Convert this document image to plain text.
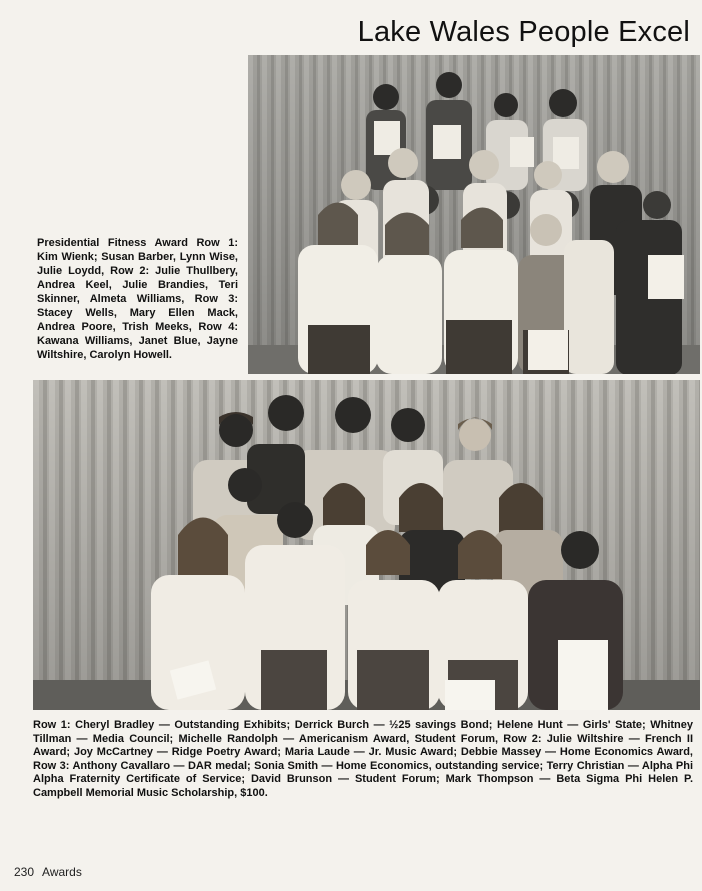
Lake Wales People Excel
Presidential Fitness Award Row 1: Kim Wienk; Susan Barber, Lynn Wise, Julie Loydd, Row 2: Julie Thullbery, Andrea Keel, Julie Brandies, Teri Skinner, Almeta Williams, Row 3: Stacey Wells, Mary Ellen Mack, Andrea Poore, Trish Meeks, Row 4: Kawana Williams, Janet Blue, Jayne Wiltshire, Carolyn Howell.
Row 1: Cheryl Bradley — Outstanding Exhibits; Derrick Burch — ½25 savings Bond; Helene Hunt — Girls' State; Whitney Tillman — Media Council; Michelle Randolph — Americanism Award, Student Forum, Row 2: Julie Wiltshire — French II Award; Joy McCartney — Ridge Poetry Award; Maria Laude — Jr. Music Award; Debbie Massey — Home Economics Award, Row 3: Anthony Cavallaro — DAR medal; Sonia Smith — Home Economics, outstanding service; Terry Christian — Alpha Phi Alpha Fraternity Certificate of Service; David Brunson — Student Forum; Mark Thompson — Beta Sigma Phi Helen P. Campbell Memorial Music Scholarship, $100.
230 Awards
